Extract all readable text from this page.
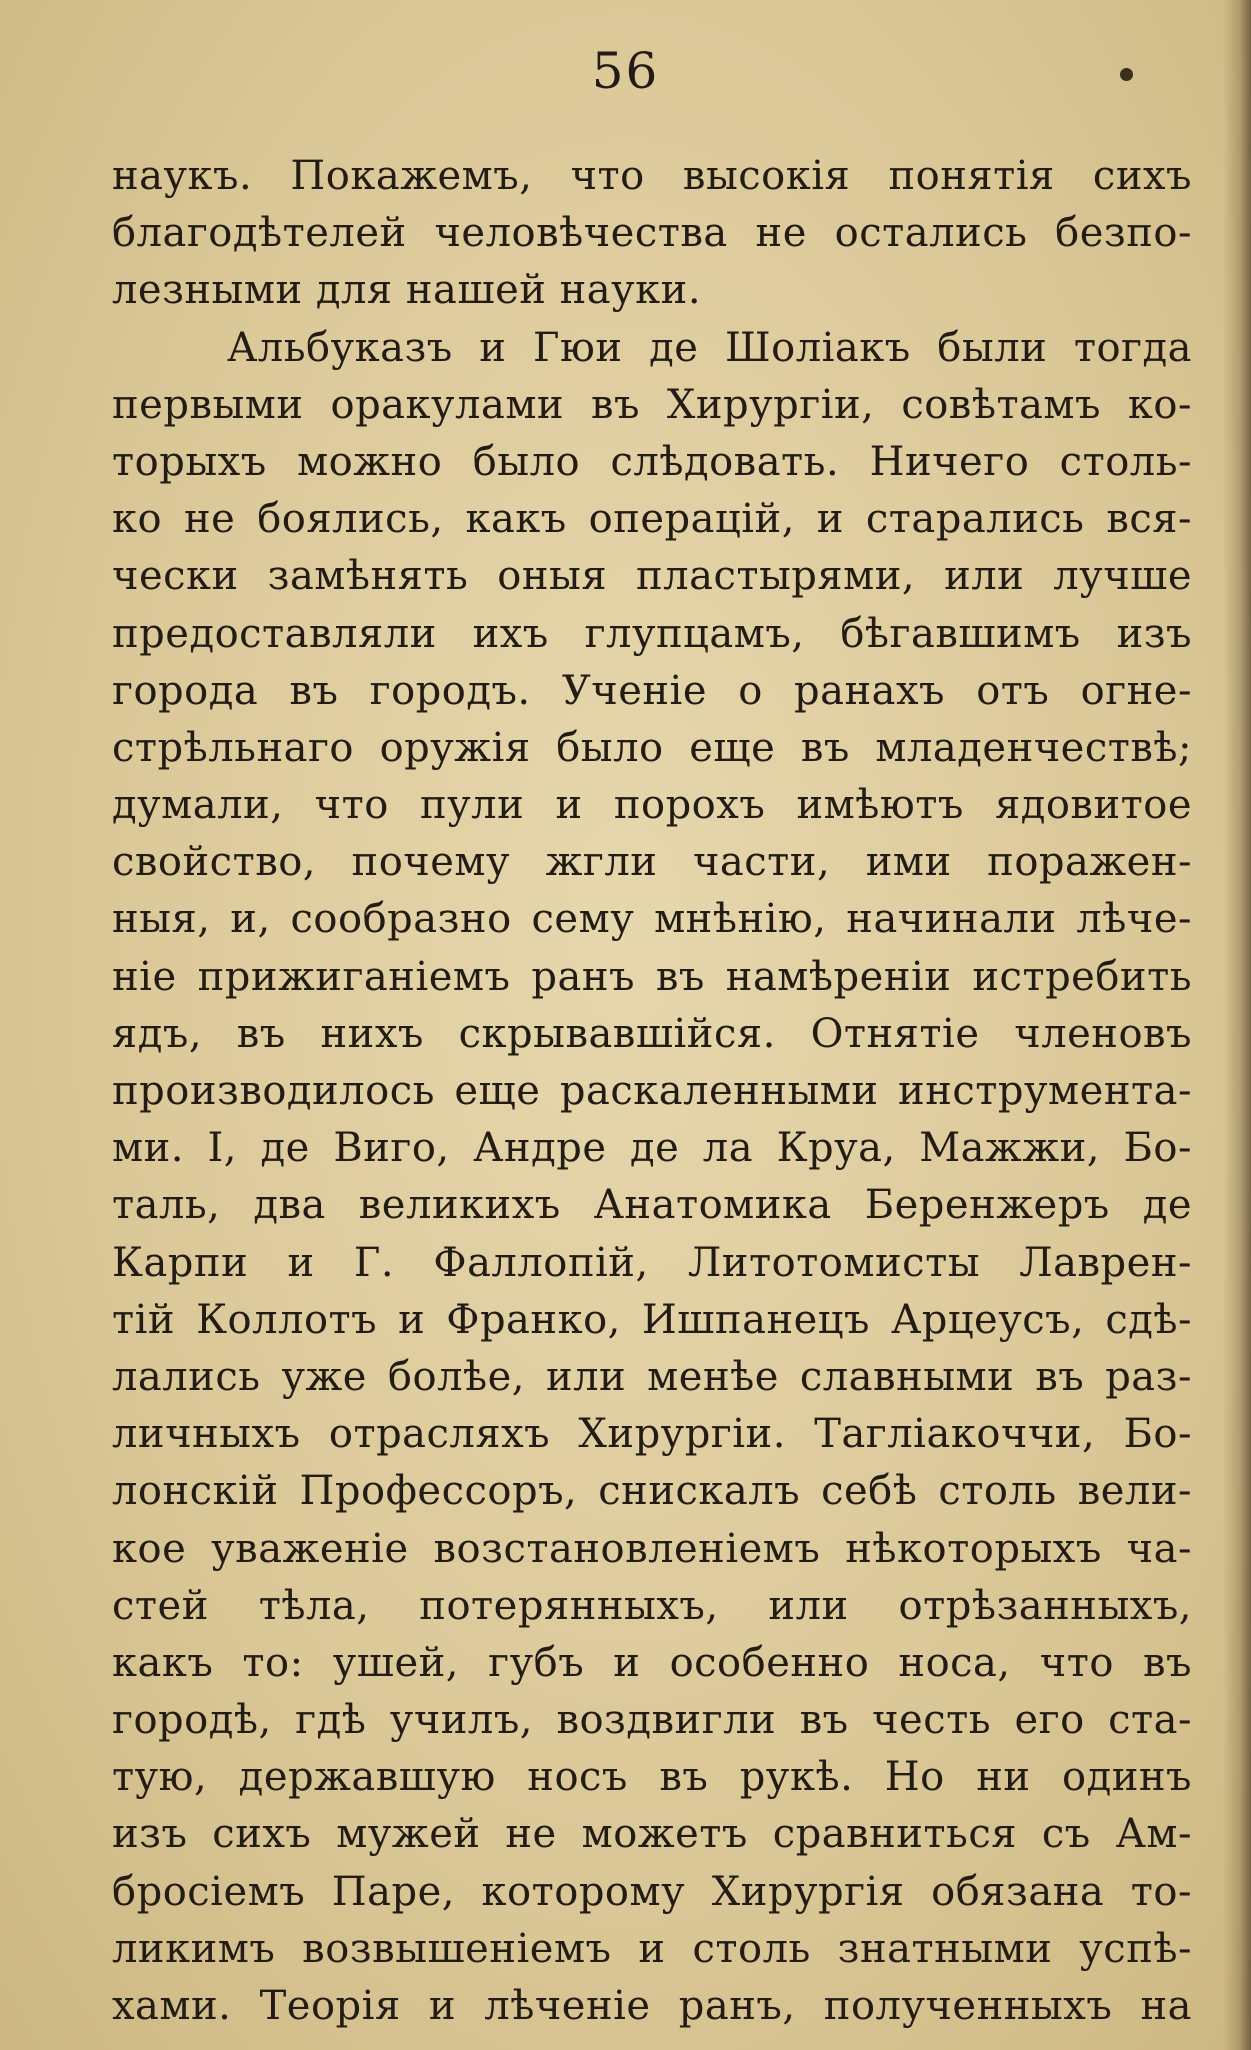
56
наукъ. Покажемъ, что высокія понятія сихъ
благодѣтелей человѣчества не остались безпо-
лезными для нашей науки.
Альбуказъ и Гюи де Шоліакъ были тогда
первыми оракулами въ Хирургіи, совѣтамъ ко-
торыхъ можно было слѣдовать. Ничего столь-
ко не боялись, какъ операцій, и старались вся-
чески замѣнять оныя пластырями, или лучше
предоставляли ихъ глупцамъ, бѣгавшимъ изъ
города въ городъ. Ученіе о ранахъ отъ огне-
стрѣльнаго оружія было еще въ младенчествѣ;
думали, что пули и порохъ имѣютъ ядовитое
свойство, почему жгли части, ими поражен-
ныя, и, сообразно сему мнѣнію, начинали лѣче-
ніе прижиганіемъ ранъ въ намѣреніи истребить
ядъ, въ нихъ скрывавшійся. Отнятіе членовъ
производилось еще раскаленными инструмента-
ми. І, де Виго, Андре де ла Круа, Мажжи, Бо-
таль, два великихъ Анатомика Беренжеръ де
Карпи и Г. Фаллопій, Литотомисты Лаврен-
тій Коллотъ и Франко, Ишпанецъ Арцеусъ, сдѣ-
лались уже болѣе, или менѣе славными въ раз-
личныхъ отрасляхъ Хирургіи. Тагліакоччи, Бо-
лонскій Профессоръ, снискалъ себѣ столь вели-
кое уваженіе возстановленіемъ нѣкоторыхъ ча-
стей тѣла, потерянныхъ, или отрѣзанныхъ,
какъ то: ушей, губъ и особенно носа, что въ
городѣ, гдѣ училъ, воздвигли въ честь его ста-
тую, державшую носъ въ рукѣ. Но ни одинъ
изъ сихъ мужей не можетъ сравниться съ Ам-
бросіемъ Паре, которому Хирургія обязана то-
ликимъ возвышеніемъ и столь знатными успѣ-
хами. Теорія и лѣченіе ранъ, полученныхъ на
